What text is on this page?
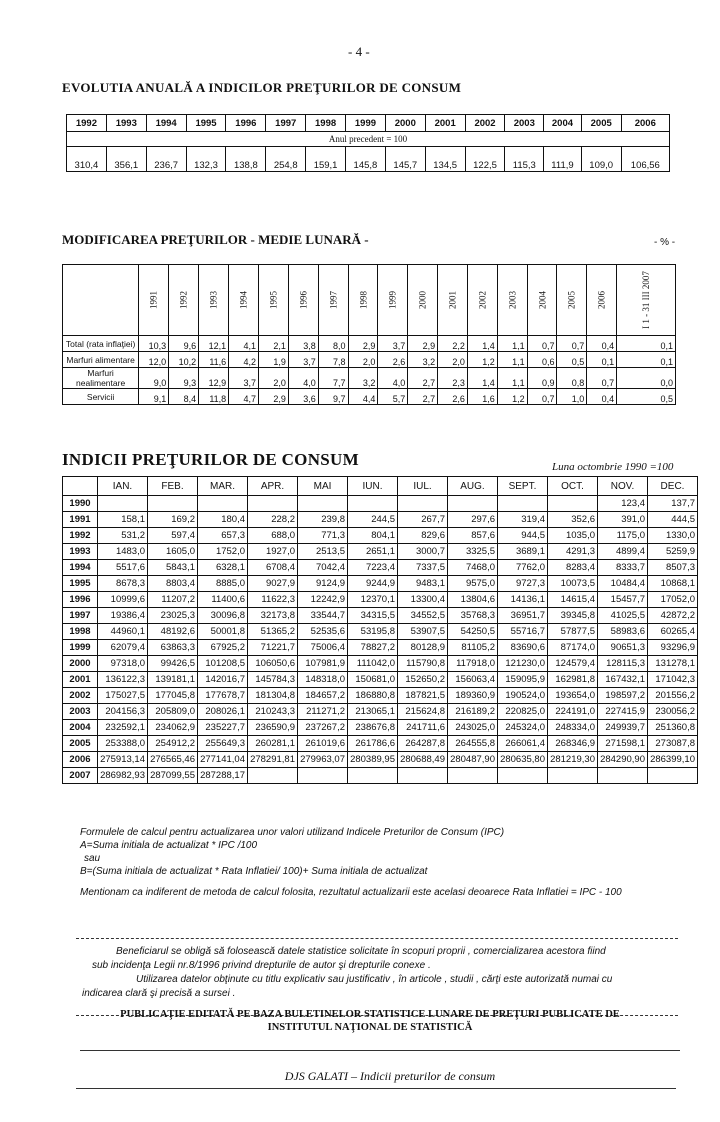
- 4 -
EVOLUTIA ANUALĂ A INDICILOR PREŢURILOR DE CONSUM
1992	1993	1994	1995	1996	1997	1998	1999	2000	2001	2002	2003	2004	2005	2006
Anul precedent = 100														
310,4	356,1	236,7	132,3	138,8	254,8	159,1	145,8	145,7	134,5	122,5	115,3	111,9	109,0	106,56
MODIFICAREA PREŢURILOR - MEDIE LUNARĂ -	- % -

	1991	1992	1993	1994	1995	1996	1997	1998	1999	2000	2001	2002	2003	2004	2005	2006	I 1 - 31 III 2007

Total (rata inflaţiei)	10,3	9,6	12,1	4,1	2,1	3,8	8,0	2,9	3,7	2,9	2,2	1,4	1,1	0,7	0,7	0,4	0,1
Marfuri alimentare	12,0	10,2	11,6	4,2	1,9	3,7	7,8	2,0	2,6	3,2	2,0	1,2	1,1	0,6	0,5	0,1	0,1
Marfuri nealimentare	9,0	9,3	12,9	3,7	2,0	4,0	7,7	3,2	4,0	2,7	2,3	1,4	1,1	0,9	0,8	0,7	0,0
Servicii	9,1	8,4	11,8	4,7	2,9	3,6	9,7	4,4	5,7	2,7	2,6	1,6	1,2	0,7	1,0	0,4	0,5
INDICII PREŢURILOR DE CONSUM	Luna octombrie 1990 =100
	IAN.	FEB.	MAR.	APR.	MAI	IUN.	IUL.	AUG.	SEPT.	OCT.	NOV.	DEC.
1990											123,4	137,7
1991	158,1	169,2	180,4	228,2	239,8	244,5	267,7	297,6	319,4	352,6	391,0	444,5
1992	531,2	597,4	657,3	688,0	771,3	804,1	829,6	857,6	944,5	1035,0	1175,0	1330,0
1993	1483,0	1605,0	1752,0	1927,0	2513,5	2651,1	3000,7	3325,5	3689,1	4291,3	4899,4	5259,9
1994	5517,6	5843,1	6328,1	6708,4	7042,4	7223,4	7337,5	7468,0	7762,0	8283,4	8333,7	8507,3
1995	8678,3	8803,4	8885,0	9027,9	9124,9	9244,9	9483,1	9575,0	9727,3	10073,5	10484,4	10868,1
1996	10999,6	11207,2	11400,6	11622,3	12242,9	12370,1	13300,4	13804,6	14136,1	14615,4	15457,7	17052,0
1997	19386,4	23025,3	30096,8	32173,8	33544,7	34315,5	34552,5	35768,3	36951,7	39345,8	41025,5	42872,2
1998	44960,1	48192,6	50001,8	51365,2	52535,6	53195,8	53907,5	54250,5	55716,7	57877,5	58983,6	60265,4
1999	62079,4	63863,3	67925,2	71221,7	75006,4	78827,2	80128,9	81105,2	83690,6	87174,0	90651,3	93296,9
2000	97318,0	99426,5	101208,5	106050,6	107981,9	111042,0	115790,8	117918,0	121230,0	124579,4	128115,3	131278,1
2001	136122,3	139181,1	142016,7	145784,3	148318,0	150681,0	152650,2	156063,4	159095,9	162981,8	167432,1	171042,3
2002	175027,5	177045,8	177678,7	181304,8	184657,2	186880,8	187821,5	189360,9	190524,0	193654,0	198597,2	201556,2
2003	204156,3	205809,0	208026,1	210243,3	211271,2	213065,1	215624,8	216189,2	220825,0	224191,0	227415,9	230056,2
2004	232592,1	234062,9	235227,7	236590,9	237267,2	238676,8	241711,6	243025,0	245324,0	248334,0	249939,7	251360,8
2005	253388,0	254912,2	255649,3	260281,1	261019,6	261786,6	264287,8	264555,8	266061,4	268346,9	271598,1	273087,8
2006	275913,14	276565,46	277141,04	278291,81	279963,07	280389,95	280688,49	280487,90	280635,80	281219,30	284290,90	286399,10
2007	286982,93	287099,55	287288,17									
Formulele de calcul pentru actualizarea unor valori utilizand Indicele Preturilor de Consum (IPC)
A=Suma initiala de actualizat * IPC /100
sau
B=(Suma initiala de actualizat * Rata Inflatiei/ 100)+ Suma initiala de actualizat
Mentionam ca indiferent de metoda de calcul folosita, rezultatul actualizarii este acelasi deoarece Rata Inflatiei = IPC - 100
Beneficiarul se obligă să folosească datele statistice solicitate în scopuri proprii , comercializarea acestora fiind
sub incidenţa Legii nr.8/1996 privind drepturile de autor şi drepturile conexe .
Utilizarea datelor obţinute cu titlu explicativ sau justificativ , în articole , studii , cărţi este autorizată numai cu
indicarea clară şi precisă a sursei .
PUBLICAŢIE EDITATĂ PE BAZA BULETINELOR STATISTICE LUNARE DE PREŢURI PUBLICATE DE
INSTITUTUL NAŢIONAL DE STATISTICĂ
DJS GALATI – Indicii preturilor de consum
